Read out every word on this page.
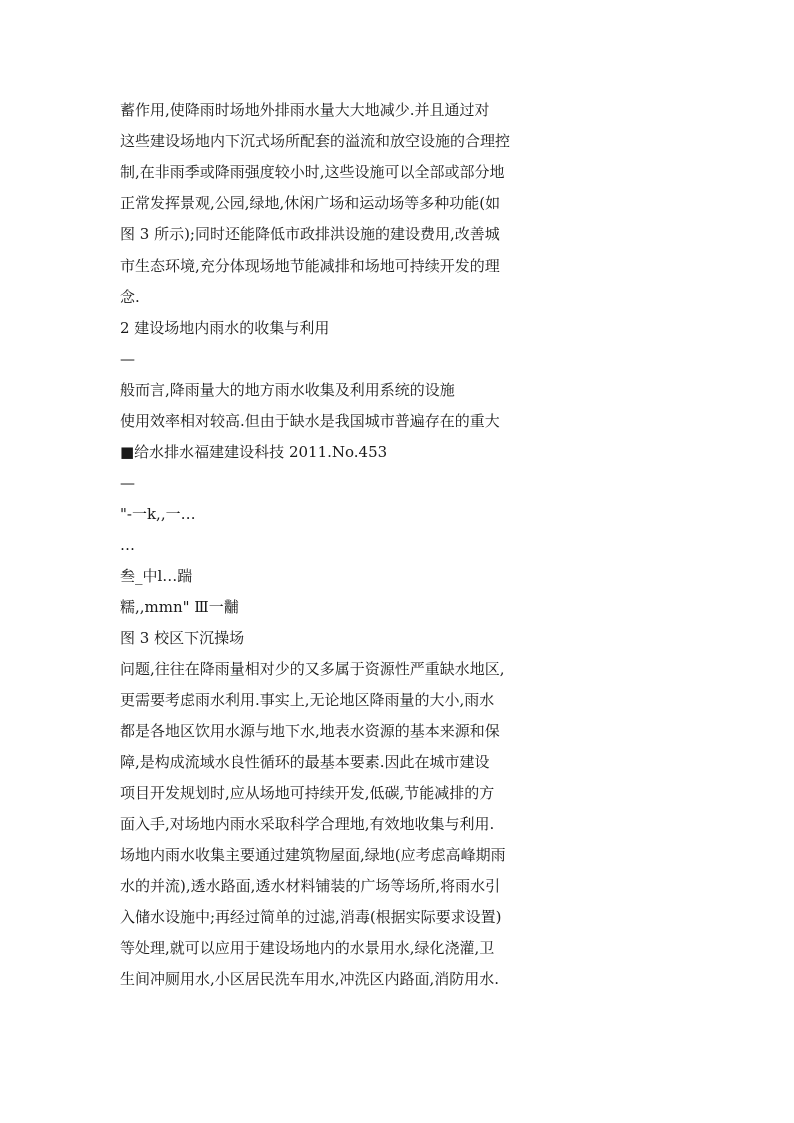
蓄作用,使降雨时场地外排雨水量大大地减少.并且通过对
这些建设场地内下沉式场所配套的溢流和放空设施的合理控
制,在非雨季或降雨强度较小时,这些设施可以全部或部分地
正常发挥景观,公园,绿地,休闲广场和运动场等多种功能(如
图 3 所示);同时还能降低市政排洪设施的建设费用,改善城
市生态环境,充分体现场地节能减排和场地可持续开发的理
念.
2 建设场地内雨水的收集与利用
—
般而言,降雨量大的地方雨水收集及利用系统的设施
使用效率相对较高.但由于缺水是我国城市普遍存在的重大
■给水排水福建建设科技 2011.No.453
—
"-一k,,一…
…
叁_中l…踹
糯,,mmn" Ⅲ一黼
图 3 校区下沉操场
问题,往往在降雨量相对少的又多属于资源性严重缺水地区,
更需要考虑雨水利用.事实上,无论地区降雨量的大小,雨水
都是各地区饮用水源与地下水,地表水资源的基本来源和保
障,是构成流域水良性循环的最基本要素.因此在城市建设
项目开发规划时,应从场地可持续开发,低碳,节能减排的方
面入手,对场地内雨水采取科学合理地,有效地收集与利用.
场地内雨水收集主要通过建筑物屋面,绿地(应考虑高峰期雨
水的并流),透水路面,透水材料铺装的广场等场所,将雨水引
入储水设施中;再经过简单的过滤,消毒(根据实际要求设置)
等处理,就可以应用于建设场地内的水景用水,绿化浇灌,卫
生间冲厕用水,小区居民洗车用水,冲洗区内路面,消防用水.
